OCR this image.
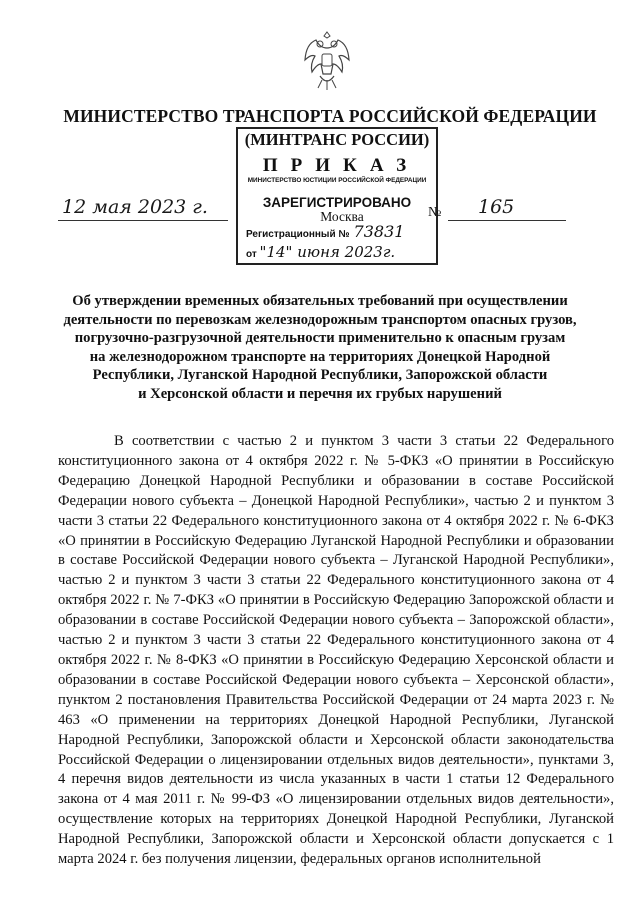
МИНИСТЕРСТВО ТРАНСПОРТА РОССИЙСКОЙ ФЕДЕРАЦИИ
(МИНТРАНС РОССИИ)
ПРИКАЗ
МИНИСТЕРСТВО ЮСТИЦИИ РОССИЙСКОЙ ФЕДЕРАЦИИ
ЗАРЕГИСТРИРОВАНО
Москва
Регистрационный № 73831
от "14" июня 2023г.
12 мая 2023 г.	№ 165
Об утверждении временных обязательных требований при осуществлении
деятельности по перевозкам железнодорожным транспортом опасных грузов,
погрузочно-разгрузочной деятельности применительно к опасным грузам
на железнодорожном транспорте на территориях Донецкой Народной
Республики, Луганской Народной Республики, Запорожской области
и Херсонской области и перечня их грубых нарушений

В соответствии с частью 2 и пунктом 3 части 3 статьи 22 Федерального конституционного закона от 4 октября 2022 г. № 5-ФКЗ «О принятии в Российскую Федерацию Донецкой Народной Республики и образовании в составе Российской Федерации нового субъекта – Донецкой Народной Республики», частью 2 и пунктом 3 части 3 статьи 22 Федерального конституционного закона от 4 октября 2022 г. № 6-ФКЗ «О принятии в Российскую Федерацию Луганской Народной Республики и образовании в составе Российской Федерации нового субъекта – Луганской Народной Республики», частью 2 и пунктом 3 части 3 статьи 22 Федерального конституционного закона от 4 октября 2022 г. № 7-ФКЗ «О принятии в Российскую Федерацию Запорожской области и образовании в составе Российской Федерации нового субъекта – Запорожской области», частью 2 и пунктом 3 части 3 статьи 22 Федерального конституционного закона от 4 октября 2022 г. № 8-ФКЗ «О принятии в Российскую Федерацию Херсонской области и образовании в составе Российской Федерации нового субъекта – Херсонской области», пунктом 2 постановления Правительства Российской Федерации от 24 марта 2023 г. № 463 «О применении на территориях Донецкой Народной Республики, Луганской Народной Республики, Запорожской области и Херсонской области законодательства Российской Федерации о лицензировании отдельных видов деятельности», пунктами 3, 4 перечня видов деятельности из числа указанных в части 1 статьи 12 Федерального закона от 4 мая 2011 г. № 99-ФЗ «О лицензировании отдельных видов деятельности», осуществление которых на территориях Донецкой Народной Республики, Луганской Народной Республики, Запорожской области и Херсонской области допускается с 1 марта 2024 г. без получения лицензии, федеральных органов исполнительной
